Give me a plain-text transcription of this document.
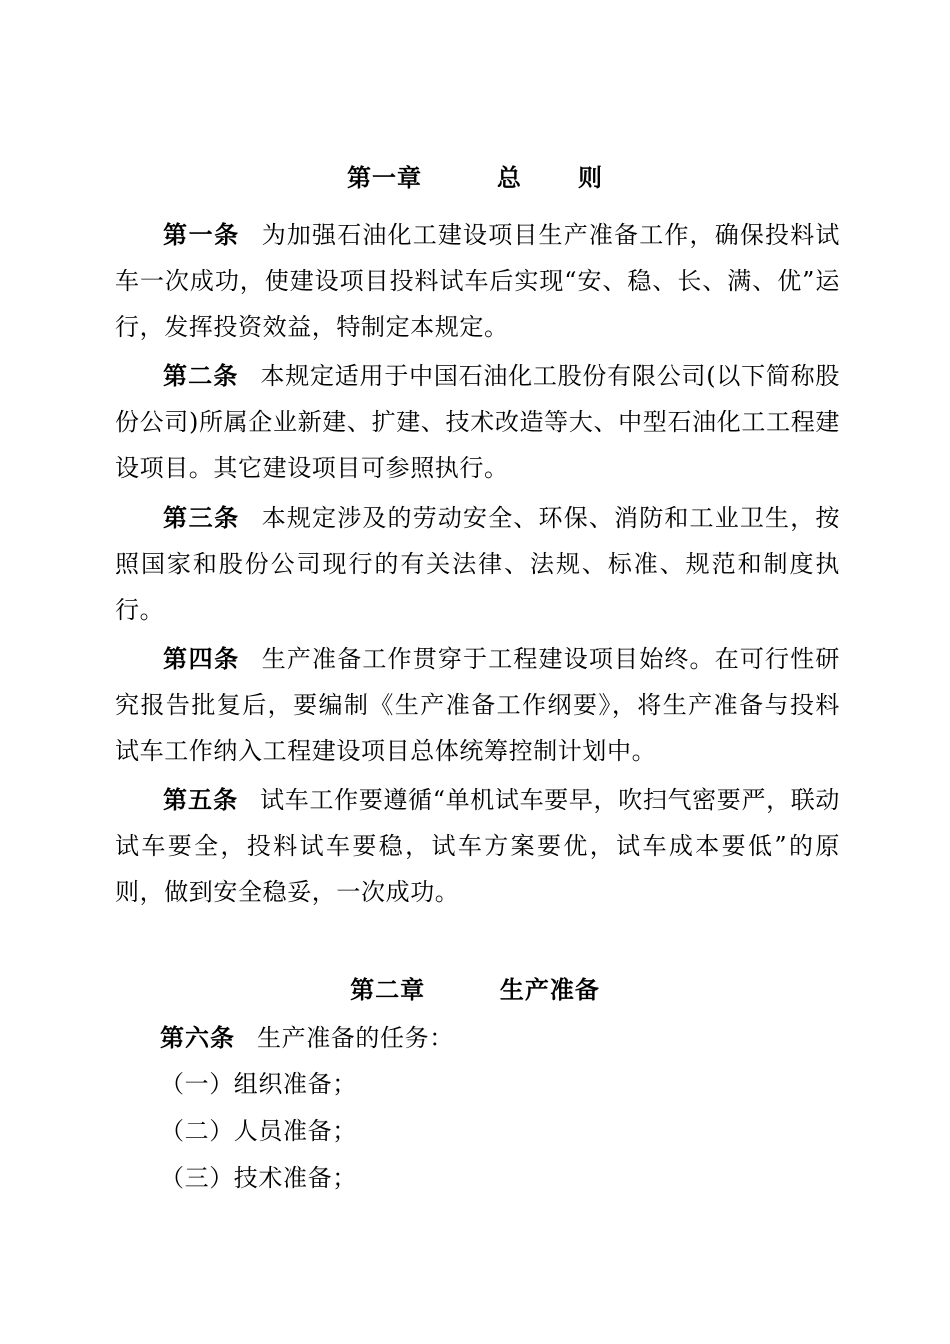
第一章        总      则

第一条 为加强石油化工建设项目生产准备工作，确保投料试车一次成功，使建设项目投料试车后实现“安、稳、长、满、优”运行，发挥投资效益，特制定本规定。

第二条 本规定适用于中国石油化工股份有限公司(以下简称股份公司)所属企业新建、扩建、技术改造等大、中型石油化工工程建设项目。其它建设项目可参照执行。

第三条 本规定涉及的劳动安全、环保、消防和工业卫生，按照国家和股份公司现行的有关法律、法规、标准、规范和制度执行。

第四条 生产准备工作贯穿于工程建设项目始终。在可行性研究报告批复后，要编制《生产准备工作纲要》，将生产准备与投料试车工作纳入工程建设项目总体统筹控制计划中。

第五条 试车工作要遵循“单机试车要早，吹扫气密要严，联动试车要全，投料试车要稳，试车方案要优，试车成本要低”的原则，做到安全稳妥，一次成功。

第二章        生产准备
第六条 生产准备的任务：
（一）组织准备；
（二）人员准备；
（三）技术准备；
